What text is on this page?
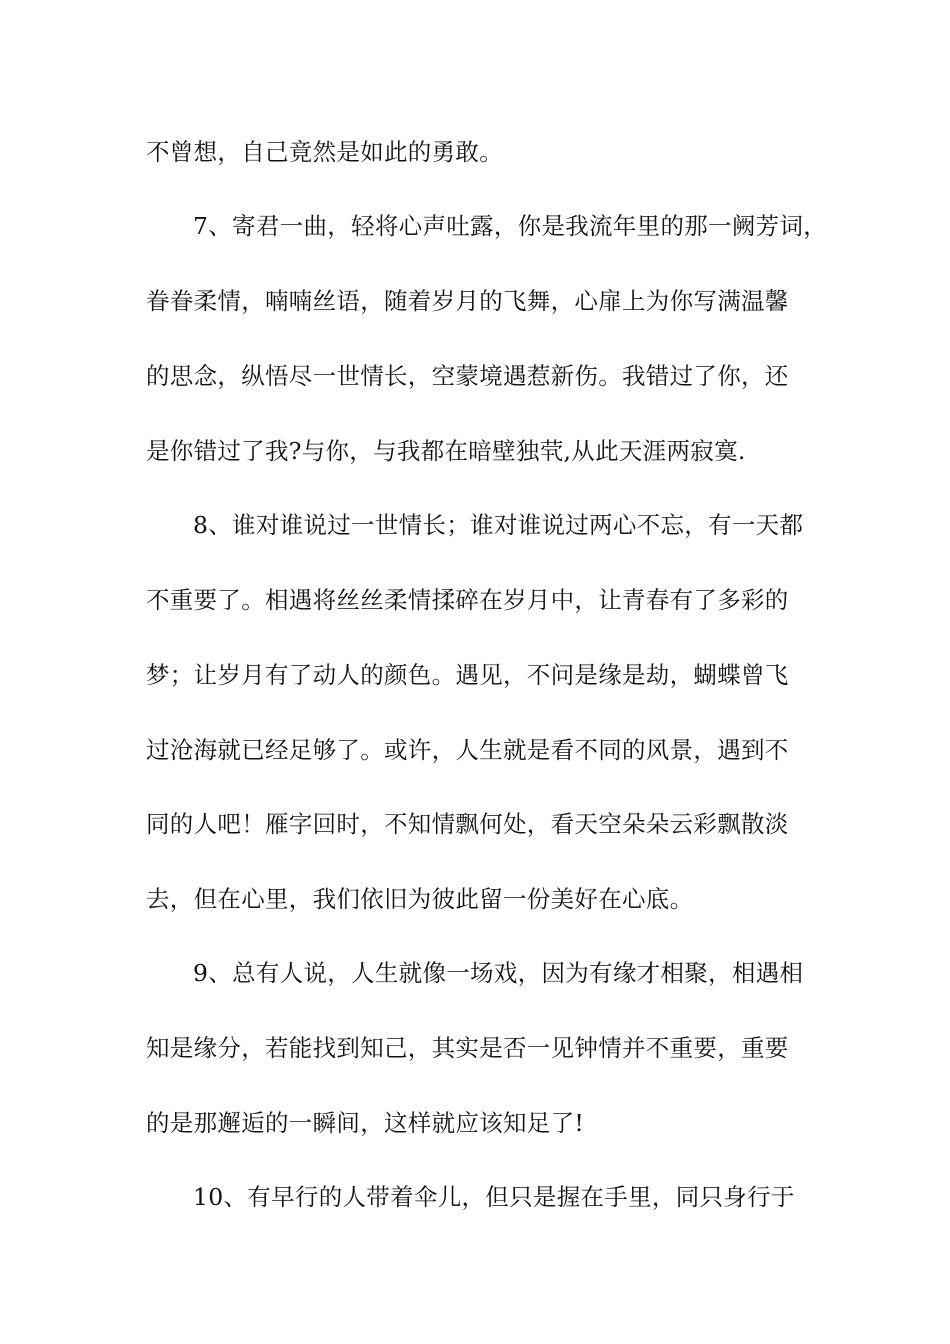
不曾想，自己竟然是如此的勇敢。
7、寄君一曲，轻将心声吐露，你是我流年里的那一阙芳词，
眷眷柔情，喃喃丝语，随着岁月的飞舞，心扉上为你写满温馨
的思念，纵悟尽一世情长，空蒙境遇惹新伤。我错过了你，还
是你错过了我?与你，与我都在暗壁独茕,从此天涯两寂寞.
8、谁对谁说过一世情长；谁对谁说过两心不忘，有一天都
不重要了。相遇将丝丝柔情揉碎在岁月中，让青春有了多彩的
梦；让岁月有了动人的颜色。遇见，不问是缘是劫，蝴蝶曾飞
过沧海就已经足够了。或许，人生就是看不同的风景，遇到不
同的人吧！雁字回时，不知情飘何处，看天空朵朵云彩飘散淡
去，但在心里，我们依旧为彼此留一份美好在心底。
9、总有人说，人生就像一场戏，因为有缘才相聚，相遇相
知是缘分，若能找到知己，其实是否一见钟情并不重要，重要
的是那邂逅的一瞬间，这样就应该知足了!
10、有早行的人带着伞儿，但只是握在手里，同只身行于
